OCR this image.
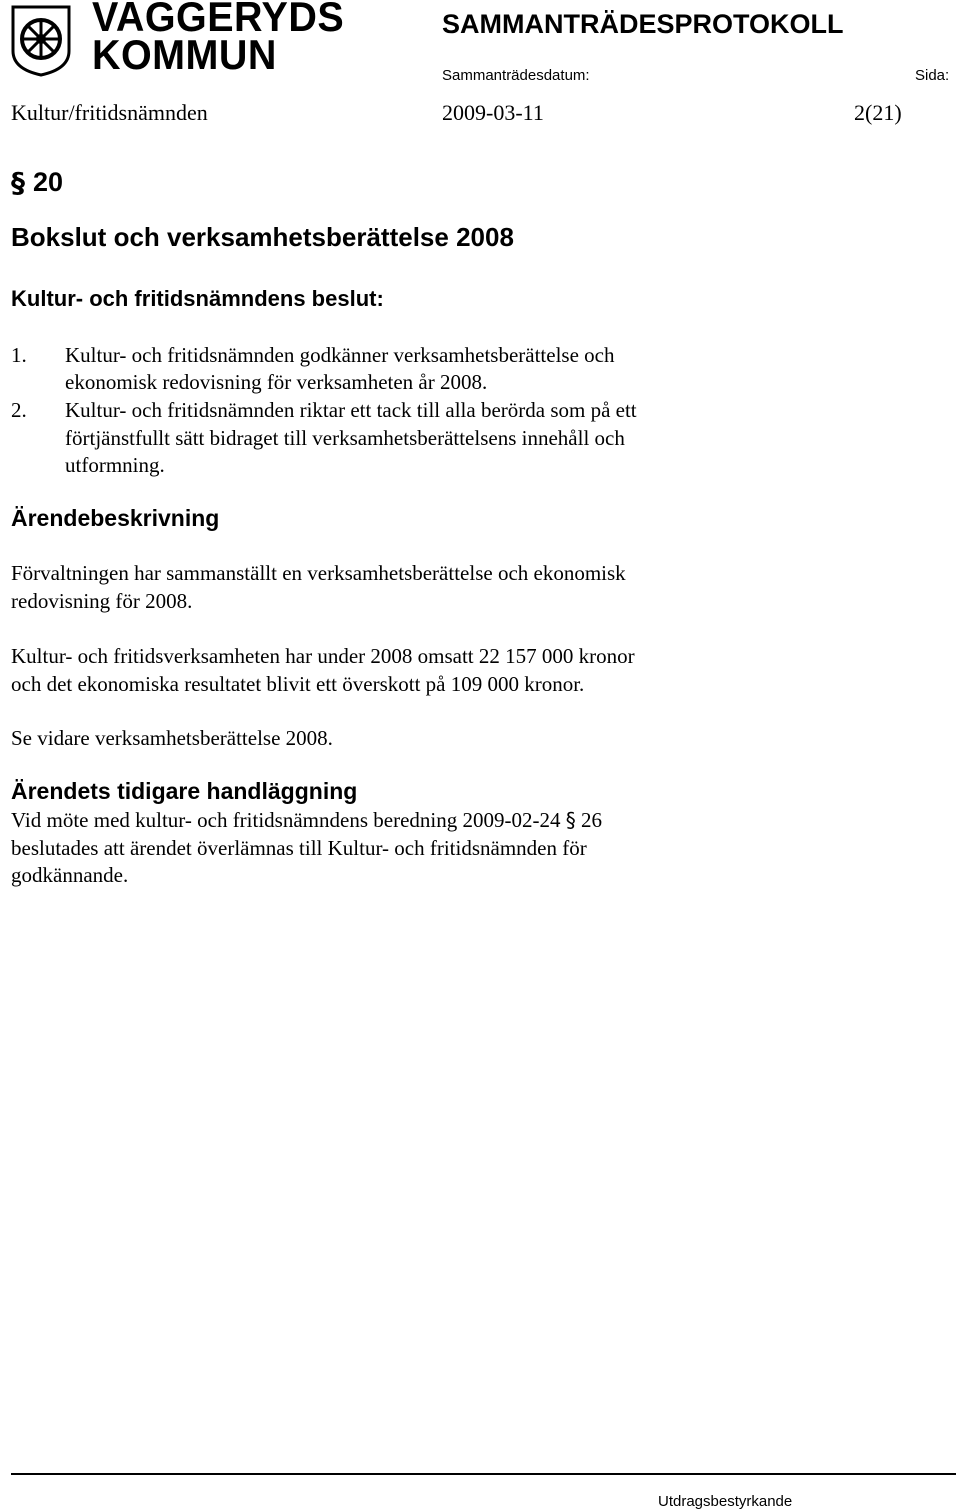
VAGGERYDS
KOMMUN
SAMMANTRÄDESPROTOKOLL
Sammanträdesdatum:	Sida:
Kultur/fritidsnämnden	2009-03-11	2(21)
§ 20
Bokslut och verksamhetsberättelse 2008
Kultur- och fritidsnämndens beslut:
1. Kultur- och fritidsnämnden godkänner verksamhetsberättelse och
ekonomisk redovisning för verksamheten år 2008.
2. Kultur- och fritidsnämnden riktar ett tack till alla berörda som på ett
förtjänstfullt sätt bidraget till verksamhetsberättelsens innehåll och
utformning.
Ärendebeskrivning
Förvaltningen har sammanställt en verksamhetsberättelse och ekonomisk
redovisning för 2008.
Kultur- och fritidsverksamheten har under 2008 omsatt 22 157 000 kronor
och det ekonomiska resultatet blivit ett överskott på 109 000 kronor.
Se vidare verksamhetsberättelse 2008.
Ärendets tidigare handläggning
Vid möte med kultur- och fritidsnämndens beredning 2009-02-24 § 26
beslutades att ärendet överlämnas till Kultur- och fritidsnämnden för
godkännande.
Utdragsbestyrkande
